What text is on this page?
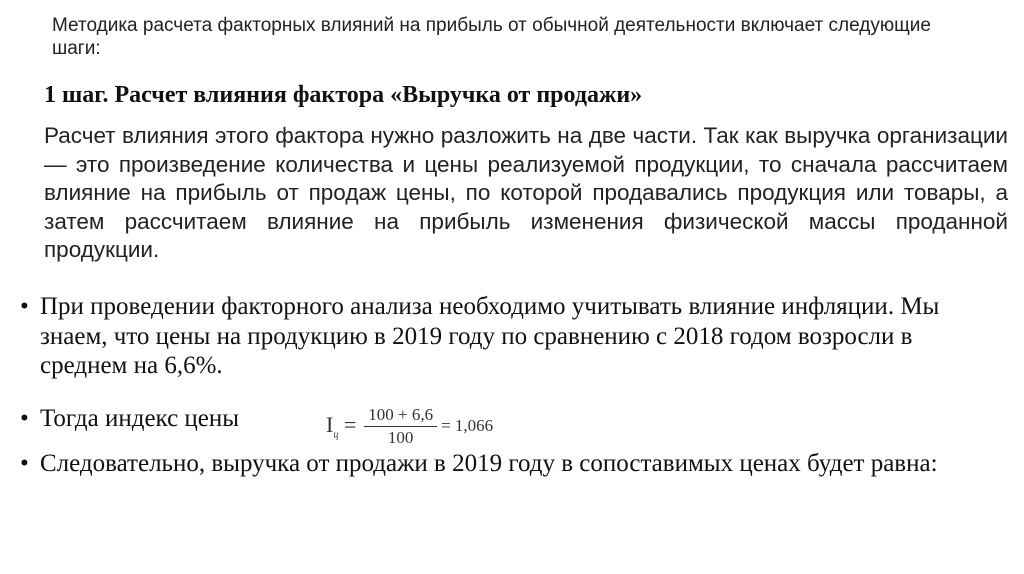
Методика расчета факторных влияний на прибыль от обычной деятельности включает следующие шаги:
1 шаг. Расчет влияния фактора «Выручка от продажи»
Расчет влияния этого фактора нужно разложить на две части. Так как выручка организации — это произведение количества и цены реализуемой продукции, то сначала рассчитаем влияние на прибыль от продаж цены, по которой продавались продукция или товары, а затем рассчитаем влияние на прибыль изменения физической массы проданной продукции.
• При проведении факторного анализа необходимо учитывать влияние инфляции. Мы знаем, что цены на продукцию в 2019 году по сравнению с 2018 годом возросли в среднем на 6,6%.
• Тогда индекс цены	$I_ц = \frac{100 + 6,6}{100} = 1,066$
• Следовательно, выручка от продажи в 2019 году в сопоставимых ценах будет равна:
